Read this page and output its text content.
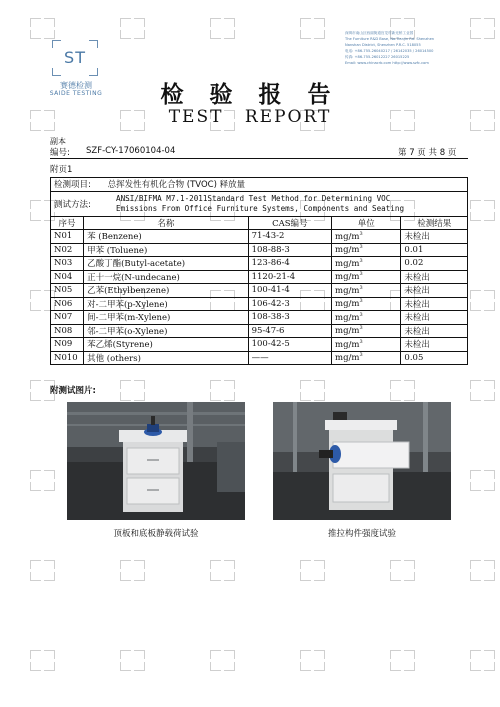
ST
赛德检测
SAIDE TESTING
深圳市南山区西丽街道官龙村新光桥工业园
The Furniture R&D Base, No.Tianjin Rd. Shenzhen
Nanshan District, Shenzhen P.R.C. 518055
电话: +86-755-26040217 / 26142035 / 26014500
传真: +86-755-26012227 26015225
Email: www.chinacrb.com http://www.szfc.com
检 验 报 告
TEST REPORT
副本
编号: SZF-CY-17060104-04	第 7 页 共 8 页
附页1
检测项目: 总挥发性有机化合物 (TVOC) 释放量				

测试方法:
ANSI/BIFMA M7.1-2011Standard Test Method for Determining VOC
Emissions From Office Furniture Systems, Components and Seating				

序号	名称	CAS编号	单位	检测结果
N01	苯 (Benzene)	71-43-2	$mg/m^3$	未检出
N02	甲苯 (Toluene)	108-88-3	$mg/m^3$	0.01
N03	乙酸丁酯(Butyl-acetate)	123-86-4	$mg/m^3$	0.02
N04	正十一烷(N-undecane)	1120-21-4	$mg/m^3$	未检出
N05	乙苯(Ethylbenzene)	100-41-4	$mg/m^3$	未检出
N06	对-二甲苯(p-Xylene)	106-42-3	$mg/m^3$	未检出
N07	间-二甲苯(m-Xylene)	108-38-3	$mg/m^3$	未检出
N08	邻-二甲苯(o-Xylene)	95-47-6	$mg/m^3$	未检出
N09	苯乙烯(Styrene)	100-42-5	$mg/m^3$	未检出
N010	其他 (others)	——	$mg/m^3$	0.05
附测试图片:
顶板和底板静载荷试验	推拉构件强度试验
